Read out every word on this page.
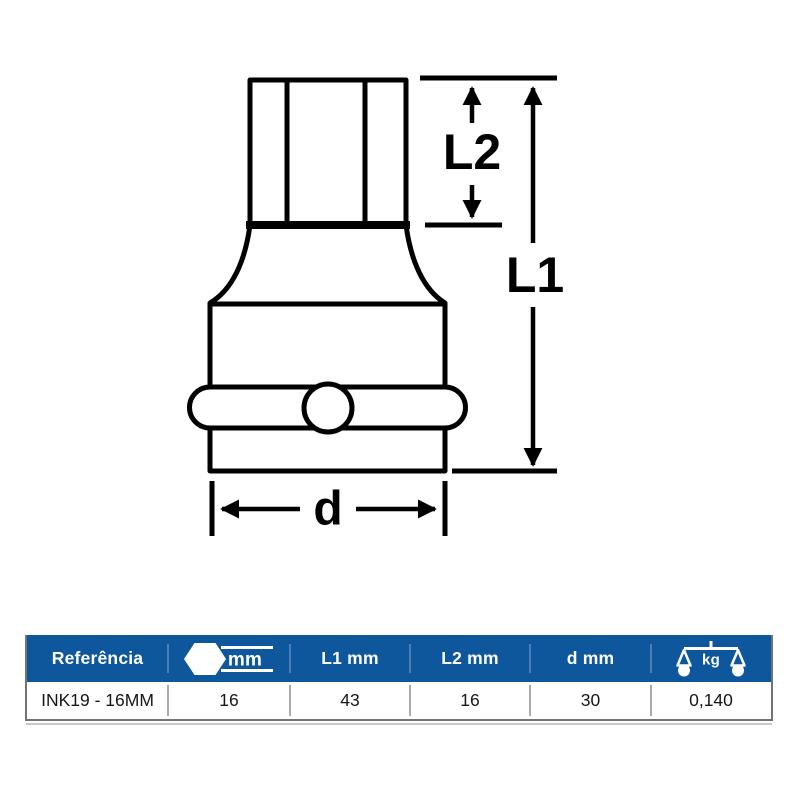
L2
L1
d
Referência	mm	L1 mm	L2 mm	d mm	kg
INK19 - 16MM	16	43	16	30	0,140
